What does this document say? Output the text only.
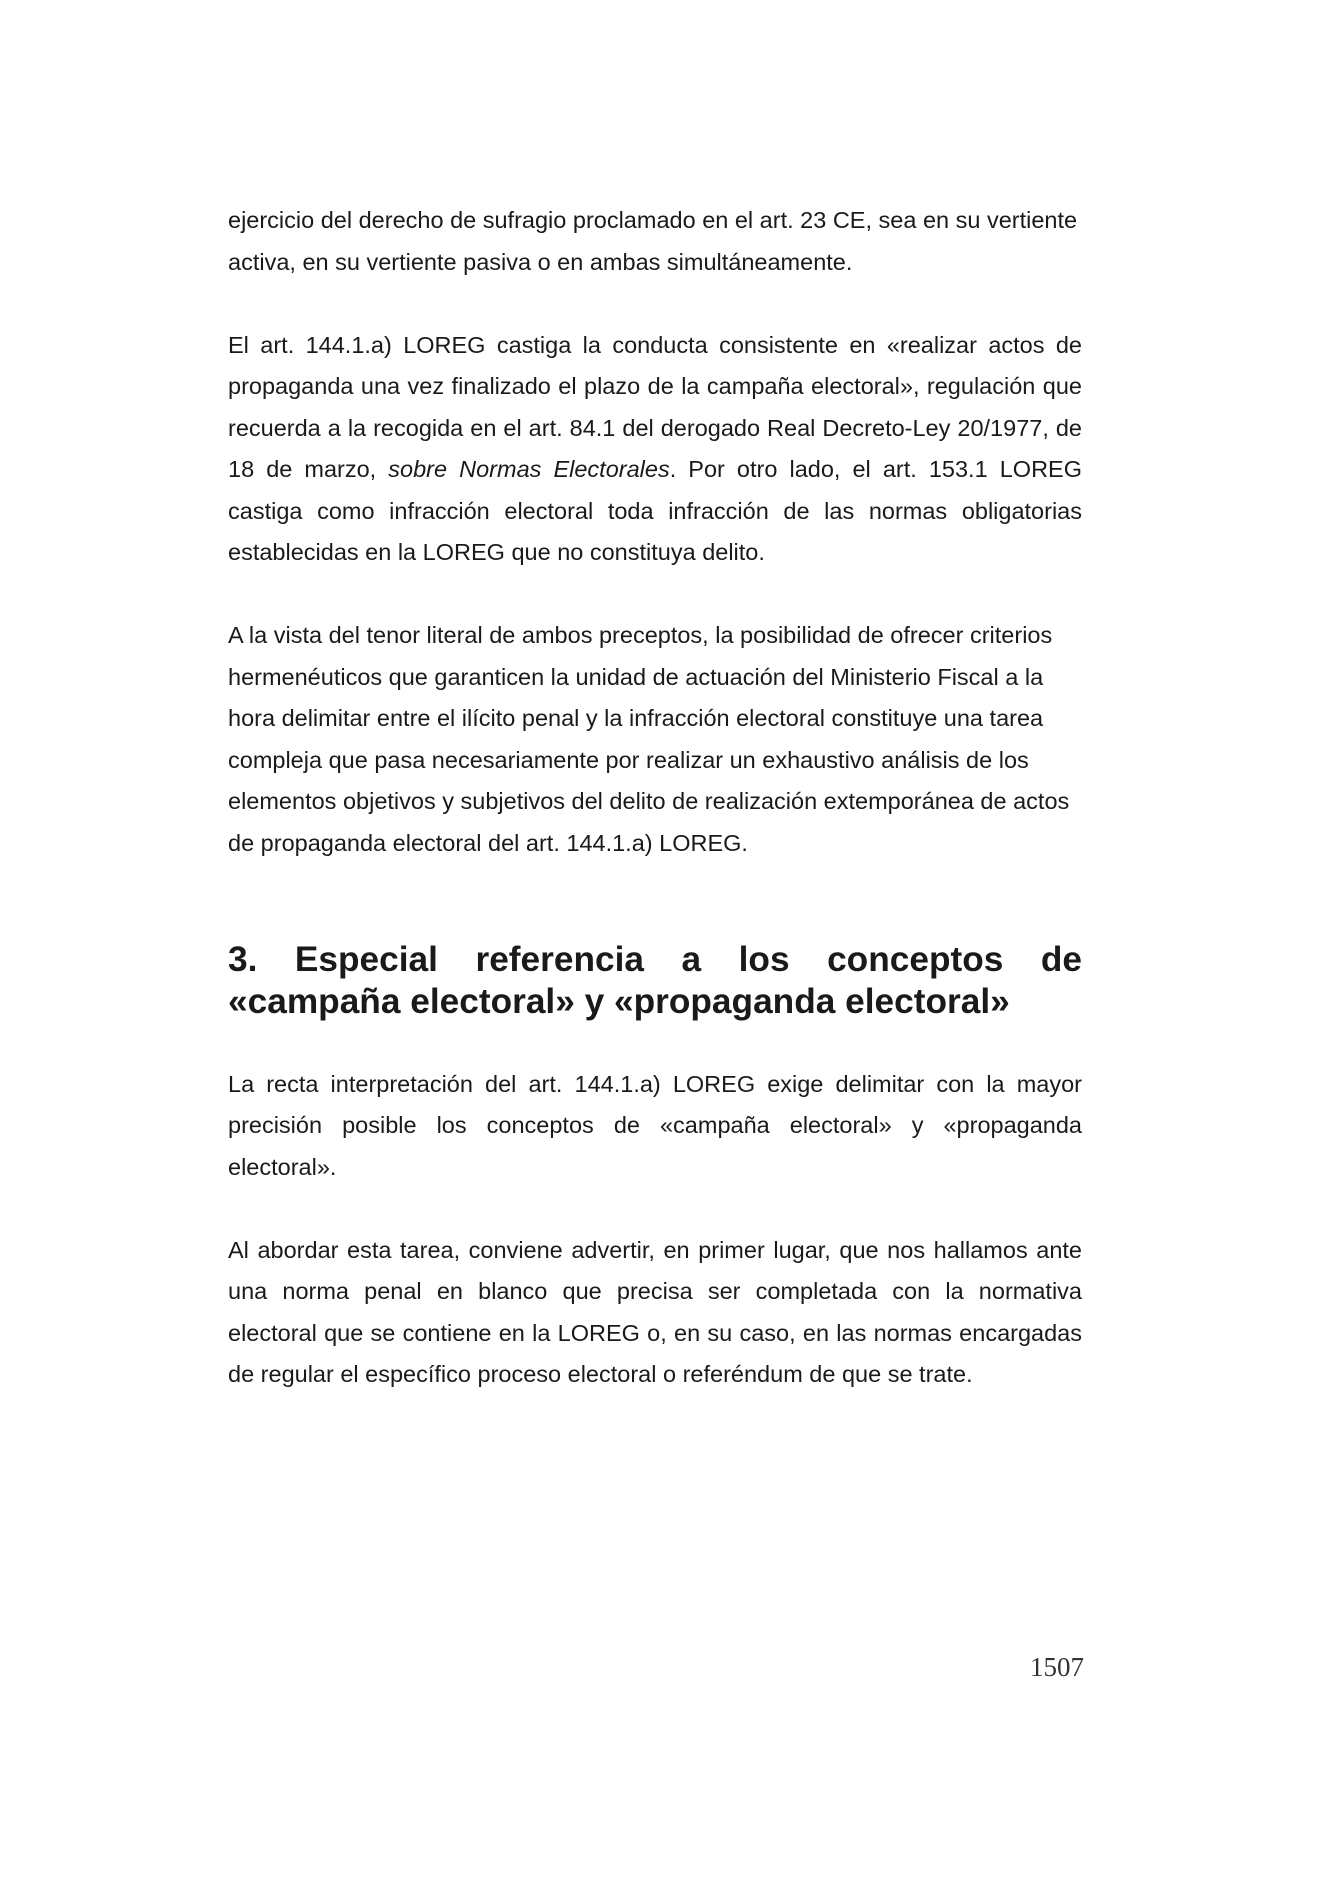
ejercicio del derecho de sufragio proclamado en el art. 23 CE, sea en su vertiente activa, en su vertiente pasiva o en ambas simultáneamente.

El art. 144.1.a) LOREG castiga la conducta consistente en «realizar actos de propaganda una vez finalizado el plazo de la campaña electoral», regulación que recuerda a la recogida en el art. 84.1 del derogado Real Decreto-Ley 20/1977, de 18 de marzo, sobre Normas Electorales. Por otro lado, el art. 153.1 LOREG castiga como infracción electoral toda infracción de las normas obligatorias establecidas en la LOREG que no constituya delito.

A la vista del tenor literal de ambos preceptos, la posibilidad de ofrecer criterios hermenéuticos que garanticen la unidad de actuación del Ministerio Fiscal a la hora delimitar entre el ilícito penal y la infracción electoral constituye una tarea compleja que pasa necesariamente por realizar un exhaustivo análisis de los elementos objetivos y subjetivos del delito de realización extemporánea de actos de propaganda electoral del art. 144.1.a) LOREG.

3. Especial referencia a los conceptos de «campaña electoral» y «propaganda electoral»

La recta interpretación del art. 144.1.a) LOREG exige delimitar con la mayor precisión posible los conceptos de «campaña electoral» y «propaganda electoral».

Al abordar esta tarea, conviene advertir, en primer lugar, que nos hallamos ante una norma penal en blanco que precisa ser completada con la normativa electoral que se contiene en la LOREG o, en su caso, en las normas encargadas de regular el específico proceso electoral o referéndum de que se trate.

1507
